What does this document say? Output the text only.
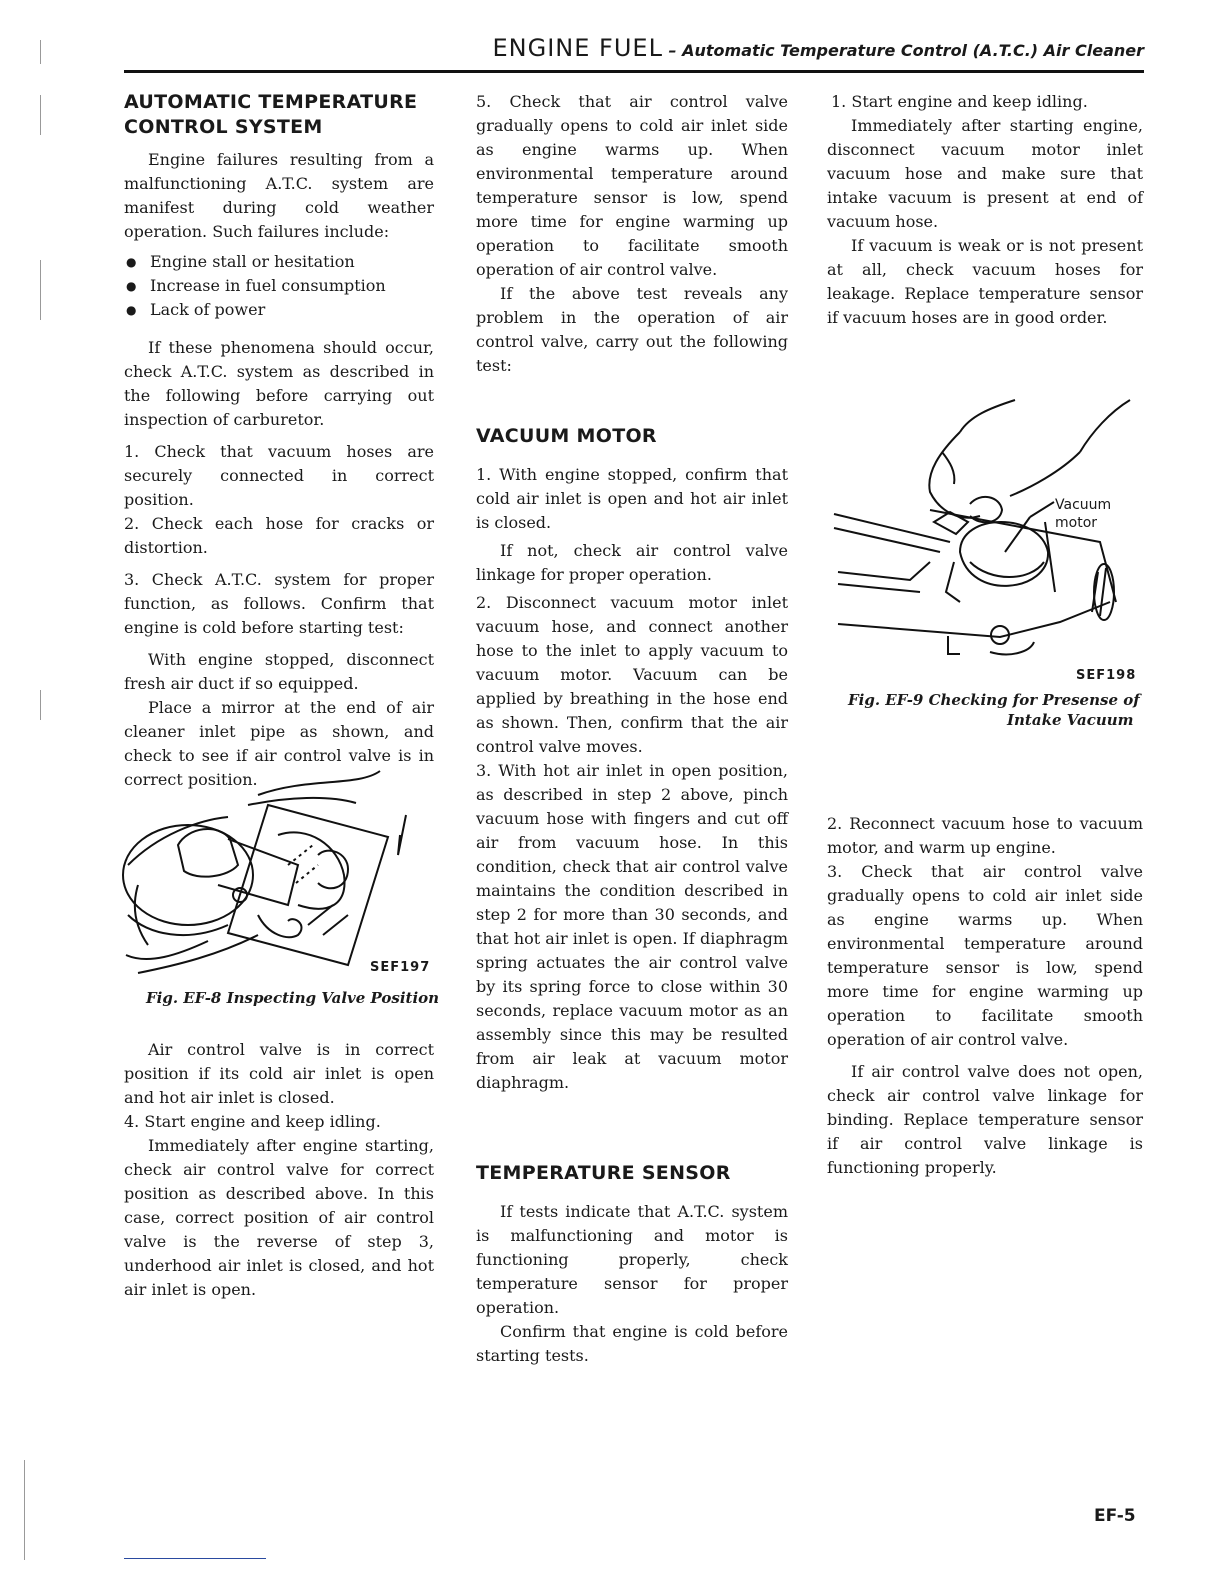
ENGINE FUEL – Automatic Temperature Control (A.T.C.) Air Cleaner
AUTOMATIC TEMPERATURE CONTROL SYSTEM

Engine failures resulting from a malfunctioning A.T.C. system are manifest during cold weather operation. Such failures include:

● Engine stall or hesitation
● Increase in fuel consumption
● Lack of power

If these phenomena should occur, check A.T.C. system as described in the following before carrying out inspection of carburetor.

1. Check that vacuum hoses are securely connected in correct position.

2. Check each hose for cracks or distortion.

3. Check A.T.C. system for proper function, as follows. Confirm that engine is cold before starting test:

With engine stopped, disconnect fresh air duct if so equipped.

Place a mirror at the end of air cleaner inlet pipe as shown, and check to see if air control valve is in correct position.

SEF197
Fig. EF-8 Inspecting Valve Position

Air control valve is in correct position if its cold air inlet is open and hot air inlet is closed.

4. Start engine and keep idling.

Immediately after engine starting, check air control valve for correct position as described above. In this case, correct position of air control valve is the reverse of step 3, underhood air inlet is closed, and hot air inlet is open.

5. Check that air control valve gradually opens to cold air inlet side as engine warms up. When environmental temperature around temperature sensor is low, spend more time for engine warming up operation to facilitate smooth operation of air control valve.

If the above test reveals any problem in the operation of air control valve, carry out the following test:

VACUUM MOTOR

1. With engine stopped, confirm that cold air inlet is open and hot air inlet is closed.

If not, check air control valve linkage for proper operation.

2. Disconnect vacuum motor inlet vacuum hose, and connect another hose to the inlet to apply vacuum to vacuum motor. Vacuum can be applied by breathing in the hose end as shown. Then, confirm that the air control valve moves.

3. With hot air inlet in open position, as described in step 2 above, pinch vacuum hose with fingers and cut off air from vacuum hose. In this condition, check that air control valve maintains the condition described in step 2 for more than 30 seconds, and that hot air inlet is open. If diaphragm spring actuates the air control valve by its spring force to close within 30 seconds, replace vacuum motor as an assembly since this may be resulted from air leak at vacuum motor diaphragm.

TEMPERATURE SENSOR

If tests indicate that A.T.C. system is malfunctioning and motor is functioning properly, check temperature sensor for proper operation.

Confirm that engine is cold before starting tests.

1. Start engine and keep idling.

Immediately after starting engine, disconnect vacuum motor inlet vacuum hose and make sure that intake vacuum is present at end of vacuum hose.

If vacuum is weak or is not present at all, check vacuum hoses for leakage. Replace temperature sensor if vacuum hoses are in good order.

Vacuum motor
SEF198
Fig. EF-9 Checking for Presense of
Intake Vacuum

2. Reconnect vacuum hose to vacuum motor, and warm up engine.

3. Check that air control valve gradually opens to cold air inlet side as engine warms up. When environmental temperature around temperature sensor is low, spend more time for engine warming up operation to facilitate smooth operation of air control valve.

If air control valve does not open, check air control valve linkage for binding. Replace temperature sensor if air control valve linkage is functioning properly.

EF-5
